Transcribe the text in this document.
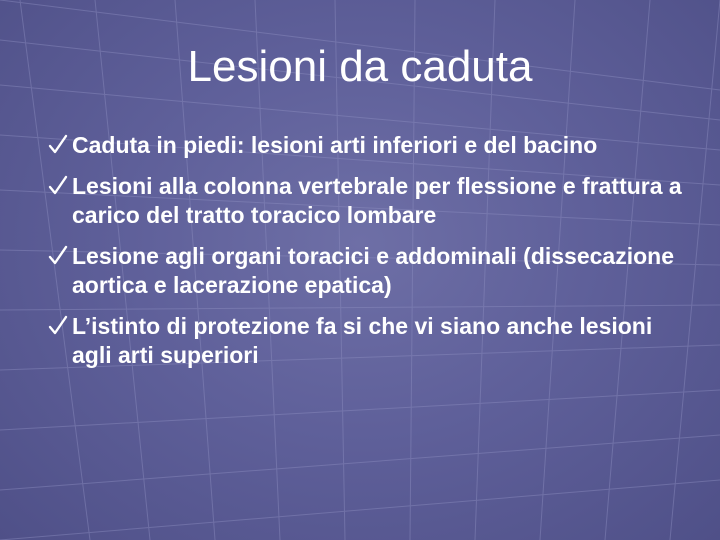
Lesioni da caduta
Caduta in piedi: lesioni arti inferiori e del bacino
Lesioni alla colonna vertebrale per flessione e frattura a carico del tratto toracico lombare
Lesione agli organi toracici e addominali (dissecazione aortica e lacerazione epatica)
L’istinto di protezione fa si che vi siano anche lesioni agli arti superiori
